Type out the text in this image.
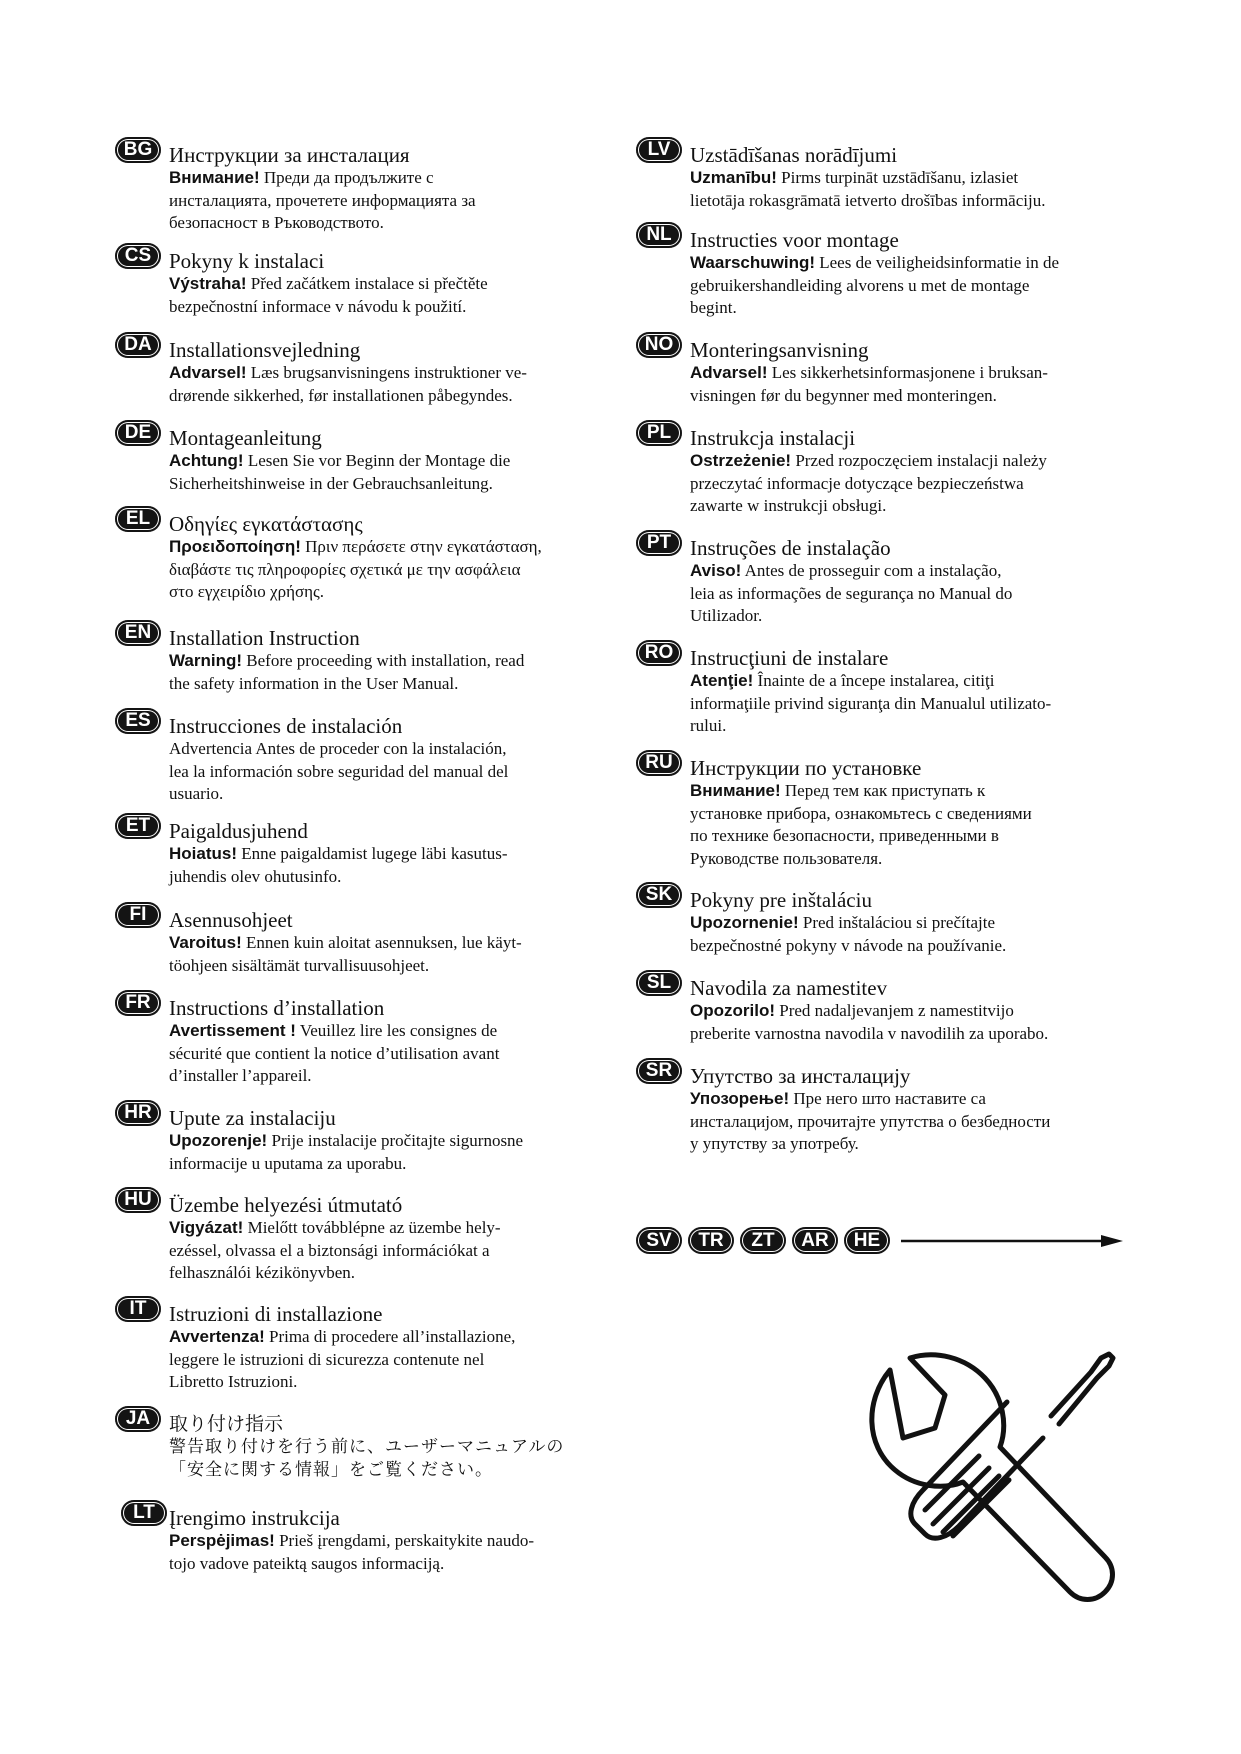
BG Инструкции за инсталация
Внимание! Преди да продължите с
инсталацията, прочетете информацията за
безопасност в Ръководството.
CS Pokyny k instalaci
Výstraha! Před začátkem instalace si přečtěte
bezpečnostní informace v návodu k použití.
DA Installationsvejledning
Advarsel! Læs brugsanvisningens instruktioner ve-
drørende sikkerhed, før installationen påbegyndes.
DE Montageanleitung
Achtung! Lesen Sie vor Beginn der Montage die
Sicherheitshinweise in der Gebrauchsanleitung.
EL Οδηγίες εγκατάστασης
Προειδοποίηση! Πριν περάσετε στην εγκατάσταση,
διαβάστε τις πληροφορίες σχετικά με την ασφάλεια
στο εγχειρίδιο χρήσης.
EN Installation Instruction
Warning! Before proceeding with installation, read
the safety information in the User Manual.
ES Instrucciones de instalación
Advertencia Antes de proceder con la instalación,
lea la información sobre seguridad del manual del
usuario.
ET Paigaldusjuhend
Hoiatus! Enne paigaldamist lugege läbi kasutus-
juhendis olev ohutusinfo.
FI	Asennusohjeet
Varoitus! Ennen kuin aloitat asennuksen, lue käyt-
töohjeen sisältämät turvallisuusohjeet.
FR Instructions d’installation
Avertissement ! Veuillez lire les consignes de
sécurité que contient la notice d’utilisation avant
d’installer l’appareil.
HR Upute za instalaciju
Upozorenje! Prije instalacije pročitajte sigurnosne
informacije u uputama za uporabu.
HU Üzembe helyezési útmutató
Vigyázat! Mielőtt továbblépne az üzembe hely-
ezéssel, olvassa el a biztonsági információkat a
felhasználói kézikönyvben.
IT	Istruzioni di installazione
Avvertenza! Prima di procedere all’installazione,
leggere le istruzioni di sicurezza contenute nel
Libretto Istruzioni.
JA 取り付け指示
警告取り付けを行う前に、ユーザーマニュアルの
「安全に関する情報」をご覧ください。
LT Įrengimo instrukcija
Perspėjimas! Prieš įrengdami, perskaitykite naudo-
tojo vadove pateiktą saugos informaciją.
LV Uzstādīšanas norādījumi
Uzmanību! Pirms turpināt uzstādīšanu, izlasiet
lietotāja rokasgrāmatā ietverto drošības informāciju.
NL Instructies voor montage
Waarschuwing! Lees de veiligheidsinformatie in de
gebruikershandleiding alvorens u met de montage
begint.
NO Monteringsanvisning
Advarsel! Les sikkerhetsinformasjonene i bruksan-
visningen før du begynner med monteringen.
PL Instrukcja instalacji
Ostrzeżenie! Przed rozpoczęciem instalacji należy
przeczytać informacje dotyczące bezpieczeństwa
zawarte w instrukcji obsługi.
PT Instruções de instalação
Aviso! Antes de prosseguir com a instalação,
leia as informações de segurança no Manual do
Utilizador.
RO Instrucţiuni de instalare
Atenţie! Înainte de a începe instalarea, citiţi
informaţiile privind siguranţa din Manualul utilizato-
rului.
RU Инструкции по установке
Внимание! Перед тем как приступать к
установке прибора, ознакомьтесь с сведениями
по технике безопасности, приведенными в
Руководстве пользователя.
SK Pokyny pre inštaláciu
Upozornenie! Pred inštaláciou si prečítajte
bezpečnostné pokyny v návode na používanie.
SL Navodila za namestitev
Opozorilo! Pred nadaljevanjem z namestitvijo
preberite varnostna navodila v navodilih za uporabo.
SR Упутство за инсталацију
Упозорење! Пре него што наставите са
инсталацијом, прочитајте упутства о безбедности
у упутству за употребу.
SV	TR	ZT	AR	HE
